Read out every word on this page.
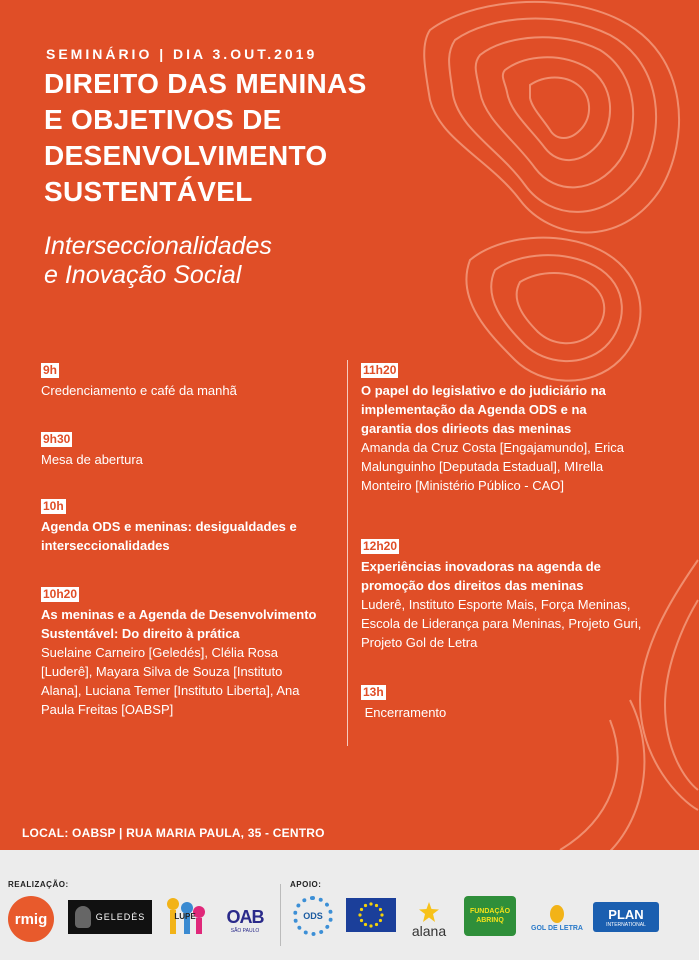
SEMINÁRIO | DIA 3.OUT.2019
DIREITO DAS MENINAS
E OBJETIVOS DE
DESENVOLVIMENTO
SUSTENTÁVEL
Interseccionalidades
e Inovação Social
9h
Credenciamento e café da manhã
9h30
Mesa de abertura
10h
Agenda ODS e meninas: desigualdades e interseccionalidades
10h20
As meninas e a Agenda de Desenvolvimento Sustentável: Do direito à prática
Suelaine Carneiro [Geledés], Clélia Rosa [Luderê], Mayara Silva de Souza [Instituto Alana], Luciana Temer [Instituto Liberta], Ana Paula Freitas [OABSP]
11h20
O papel do legislativo e do judiciário na implementação da Agenda ODS e na garantia dos dirieots das meninas
Amanda da Cruz Costa [Engajamundo], Erica Malunguinho [Deputada Estadual], MIrella Monteiro [Ministério Público - CAO]
12h20
Experiências inovadoras na agenda de promoção dos direitos das meninas
Luderê, Instituto Esporte Mais, Força Meninas, Escola de Liderança para Meninas, Projeto Guri, Projeto Gol de Letra
13h
Encerramento
LOCAL: OABSP | RUA MARIA PAULA, 35 - CENTRO
REALIZAÇÃO:	APOIO:
rmig	GELEDÉS	LUPE OAB
SÃO PAULO
ODS
alana
FUNDAÇÃO ABRINQ
GOL DE LETRA
PLAN
INTERNATIONAL
